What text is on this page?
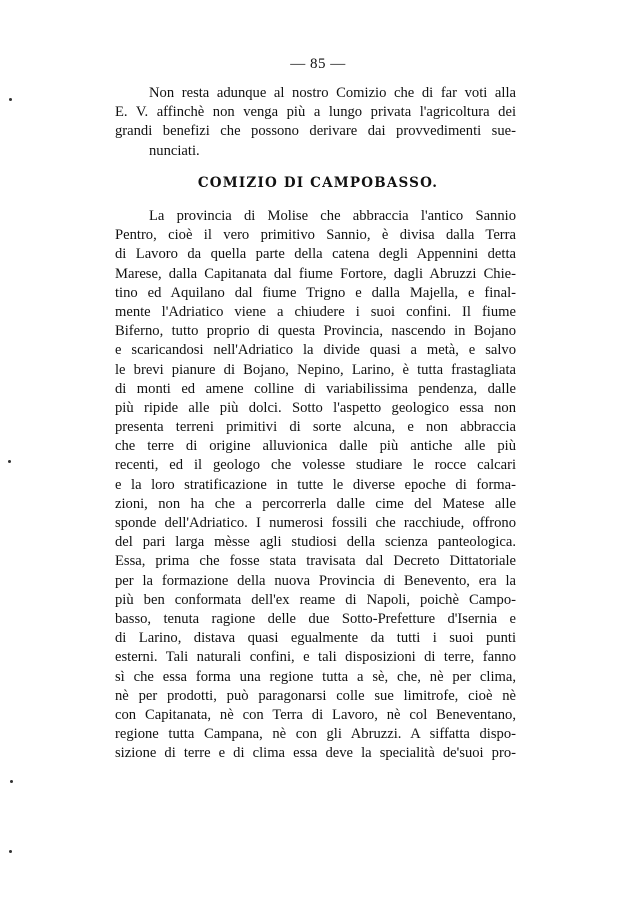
— 85 —
Non resta adunque al nostro Comizio che di far voti alla
E. V. affinchè non venga più a lungo privata l'agricoltura dei
grandi benefizi che possono derivare dai provvedimenti sue-
nunciati.
COMIZIO DI CAMPOBASSO.
La provincia di Molise che abbraccia l'antico Sannio
Pentro, cioè il vero primitivo Sannio, è divisa dalla Terra
di Lavoro da quella parte della catena degli Appennini detta
Marese, dalla Capitanata dal fiume Fortore, dagli Abruzzi Chie-
tino ed Aquilano dal fiume Trigno e dalla Majella, e final-
mente l'Adriatico viene a chiudere i suoi confini. Il fiume
Biferno, tutto proprio di questa Provincia, nascendo in Bojano
e scaricandosi nell'Adriatico la divide quasi a metà, e salvo
le brevi pianure di Bojano, Nepino, Larino, è tutta frastagliata
di monti ed amene colline di variabilissima pendenza, dalle
più ripide alle più dolci. Sotto l'aspetto geologico essa non
presenta terreni primitivi di sorte alcuna, e non abbraccia
che terre di origine alluvionica dalle più antiche alle più
recenti, ed il geologo che volesse studiare le rocce calcari
e la loro stratificazione in tutte le diverse epoche di forma-
zioni, non ha che a percorrerla dalle cime del Matese alle
sponde dell'Adriatico. I numerosi fossili che racchiude, offrono
del pari larga mèsse agli studiosi della scienza panteologica.
Essa, prima che fosse stata travisata dal Decreto Dittatoriale
per la formazione della nuova Provincia di Benevento, era la
più ben conformata dell'ex reame di Napoli, poichè Campo-
basso, tenuta ragione delle due Sotto-Prefetture d'Isernia e
di Larino, distava quasi egualmente da tutti i suoi punti
esterni. Tali naturali confini, e tali disposizioni di terre, fanno
sì che essa forma una regione tutta a sè, che, nè per clima,
nè per prodotti, può paragonarsi colle sue limitrofe, cioè nè
con Capitanata, nè con Terra di Lavoro, nè col Beneventano,
regione tutta Campana, nè con gli Abruzzi. A siffatta dispo-
sizione di terre e di clima essa deve la specialità de'suoi pro-
